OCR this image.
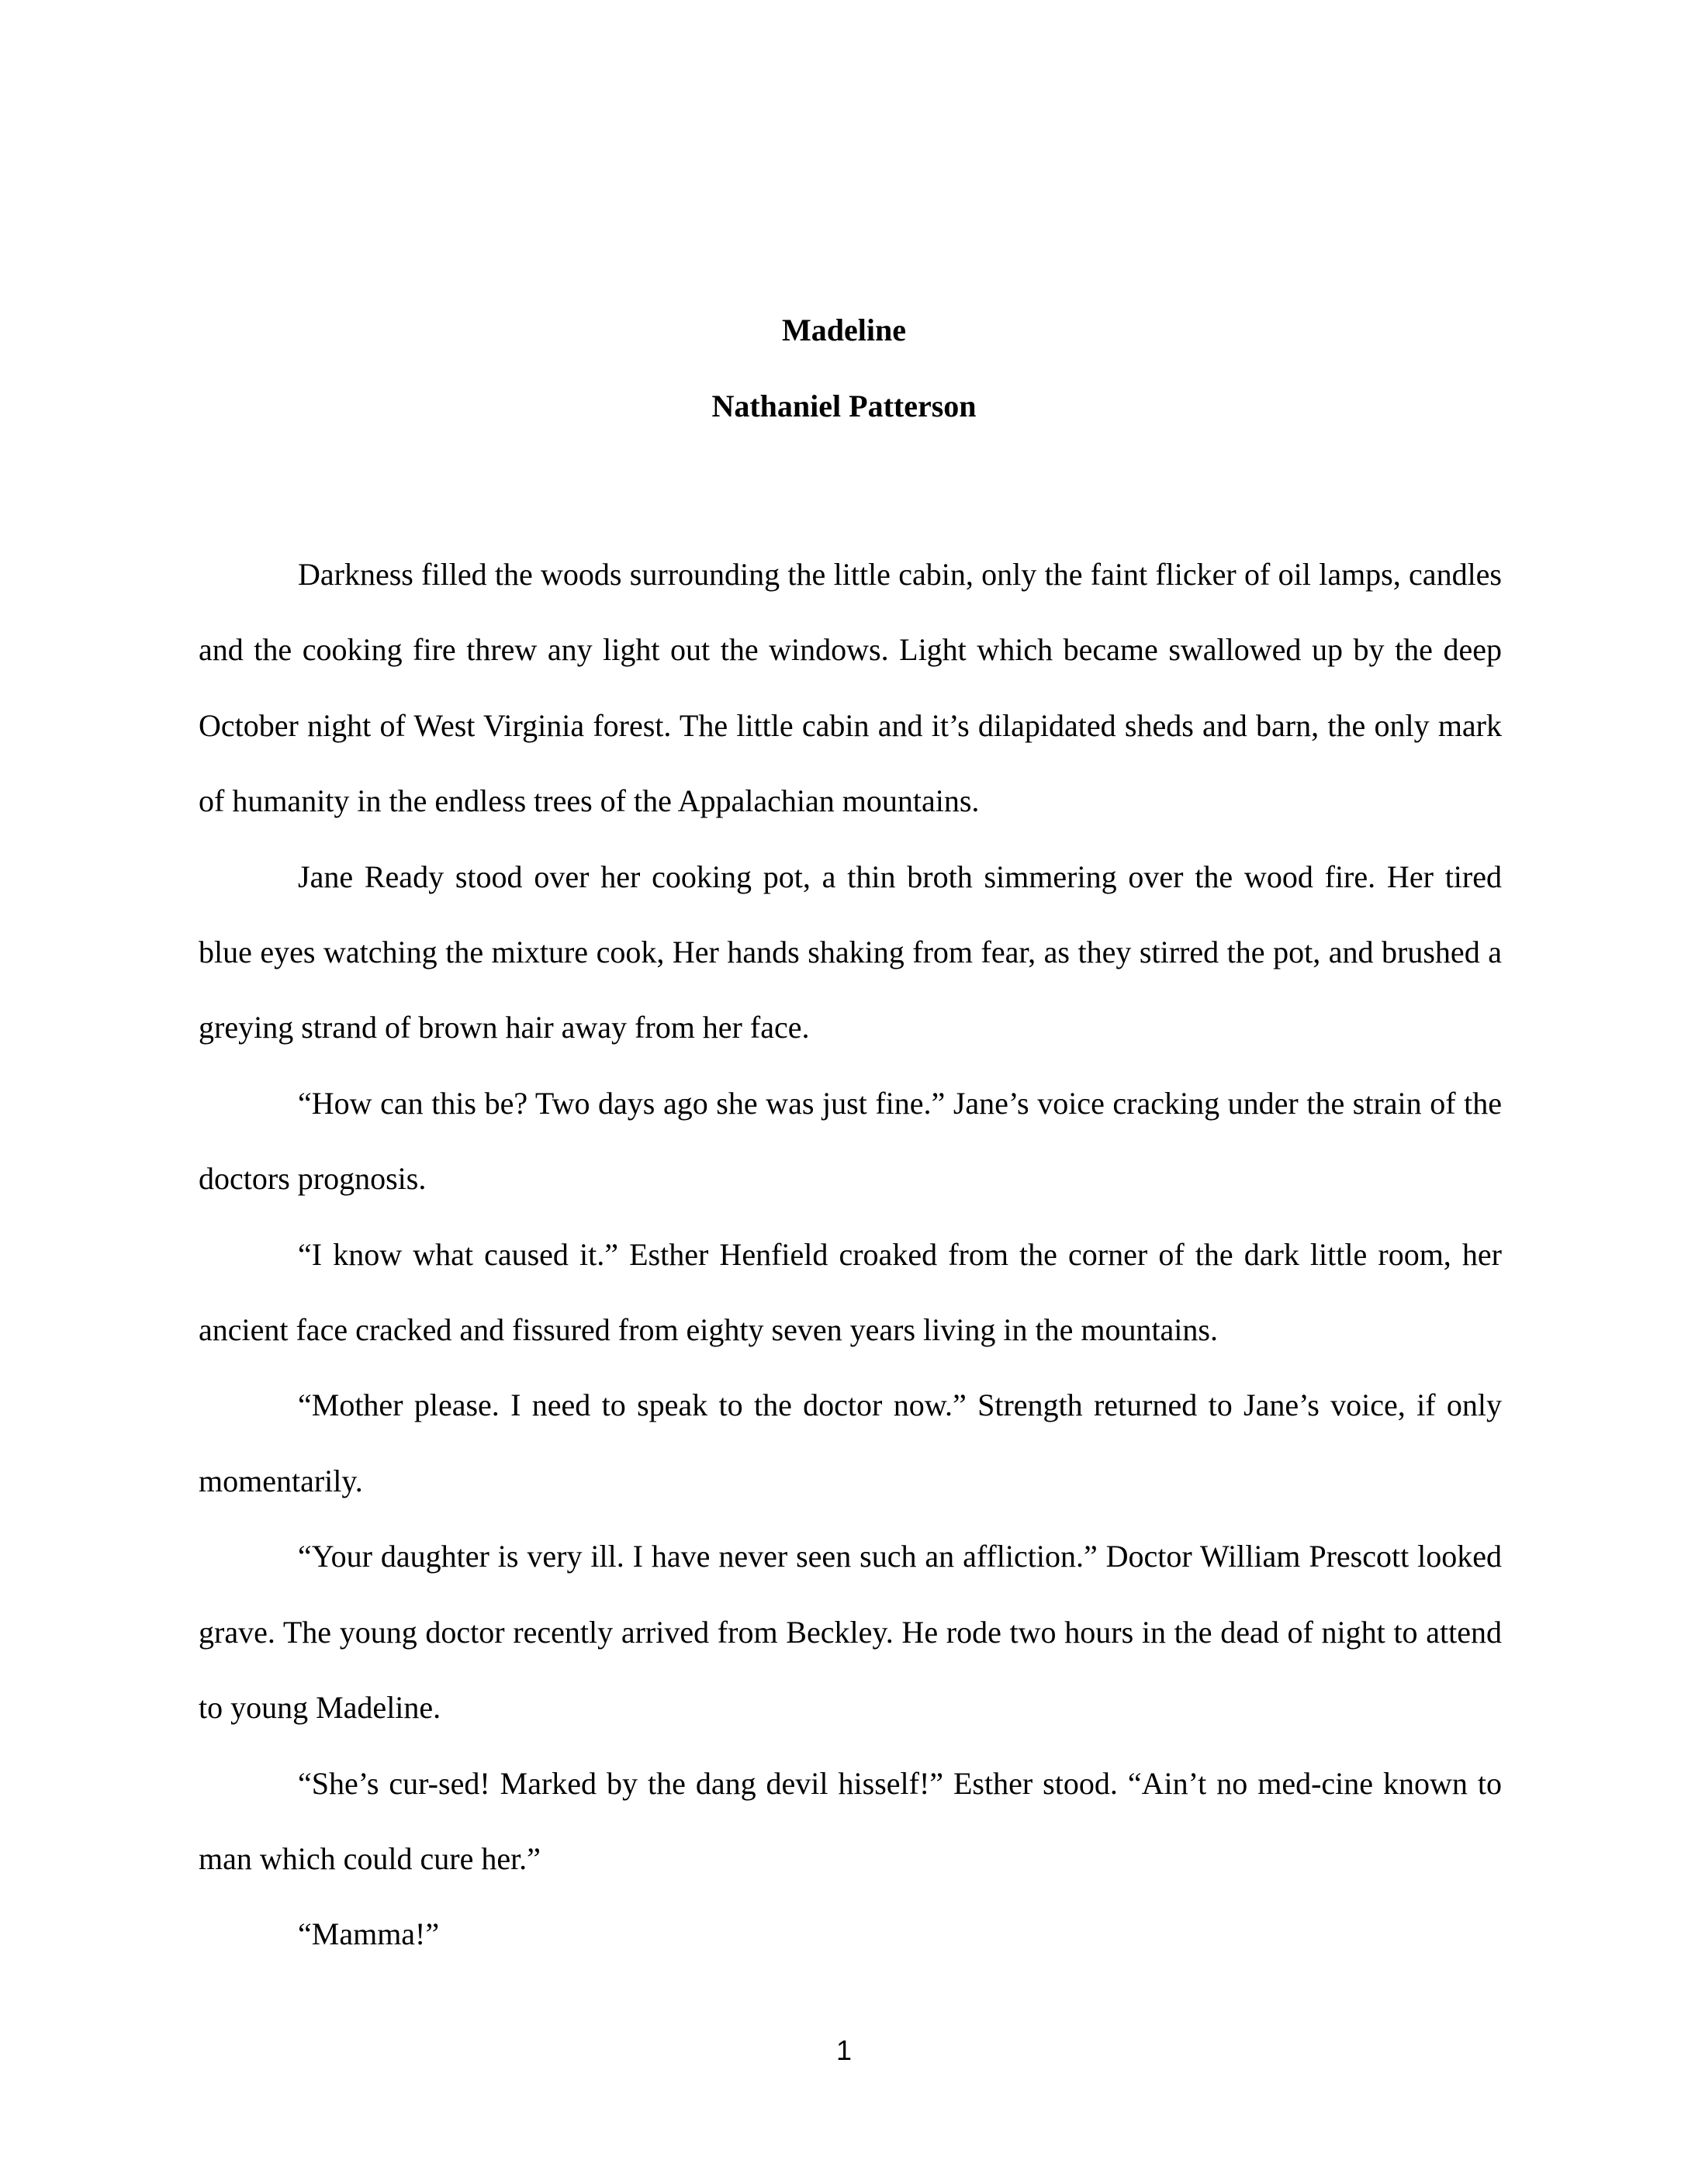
Madeline
Nathaniel Patterson

Darkness filled the woods surrounding the little cabin, only the faint flicker of oil lamps, candles and the cooking fire threw any light out the windows. Light which became swallowed up by the deep October night of West Virginia forest. The little cabin and it’s dilapidated sheds and barn, the only mark of humanity in the endless trees of the Appalachian mountains.

Jane Ready stood over her cooking pot, a thin broth simmering over the wood fire. Her tired blue eyes watching the mixture cook, Her hands shaking from fear, as they stirred the pot, and brushed a greying strand of brown hair away from her face.

“How can this be? Two days ago she was just fine.” Jane’s voice cracking under the strain of the doctors prognosis.

“I know what caused it.” Esther Henfield croaked from the corner of the dark little room, her ancient face cracked and fissured from eighty seven years living in the mountains.

“Mother please. I need to speak to the doctor now.” Strength returned to Jane’s voice, if only momentarily.

“Your daughter is very ill. I have never seen such an affliction.” Doctor William Prescott looked grave. The young doctor recently arrived from Beckley. He rode two hours in the dead of night to attend to young Madeline.

“She’s cur-sed! Marked by the dang devil hisself!” Esther stood. “Ain’t no med-cine known to man which could cure her.”

“Mamma!”

1
